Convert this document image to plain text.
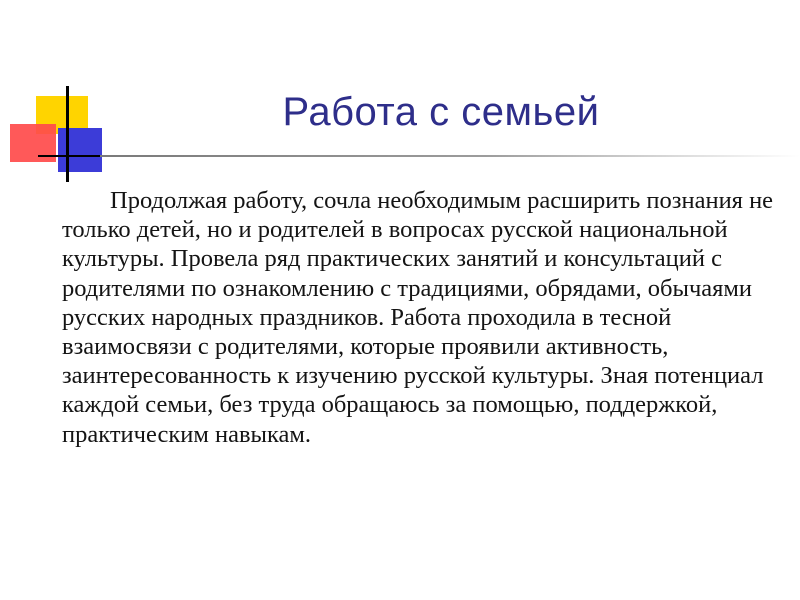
Работа с семьей

Продолжая работу, сочла необходимым расширить познания не только детей, но и родителей в вопросах русской национальной культуры. Провела ряд практических занятий и консультаций с родителями по ознакомлению с традициями, обрядами, обычаями русских народных праздников. Работа проходила в тесной взаимосвязи с родителями, которые проявили активность, заинтересованность к изучению русской культуры. Зная потенциал каждой семьи, без труда обращаюсь за помощью, поддержкой, практическим навыкам.
